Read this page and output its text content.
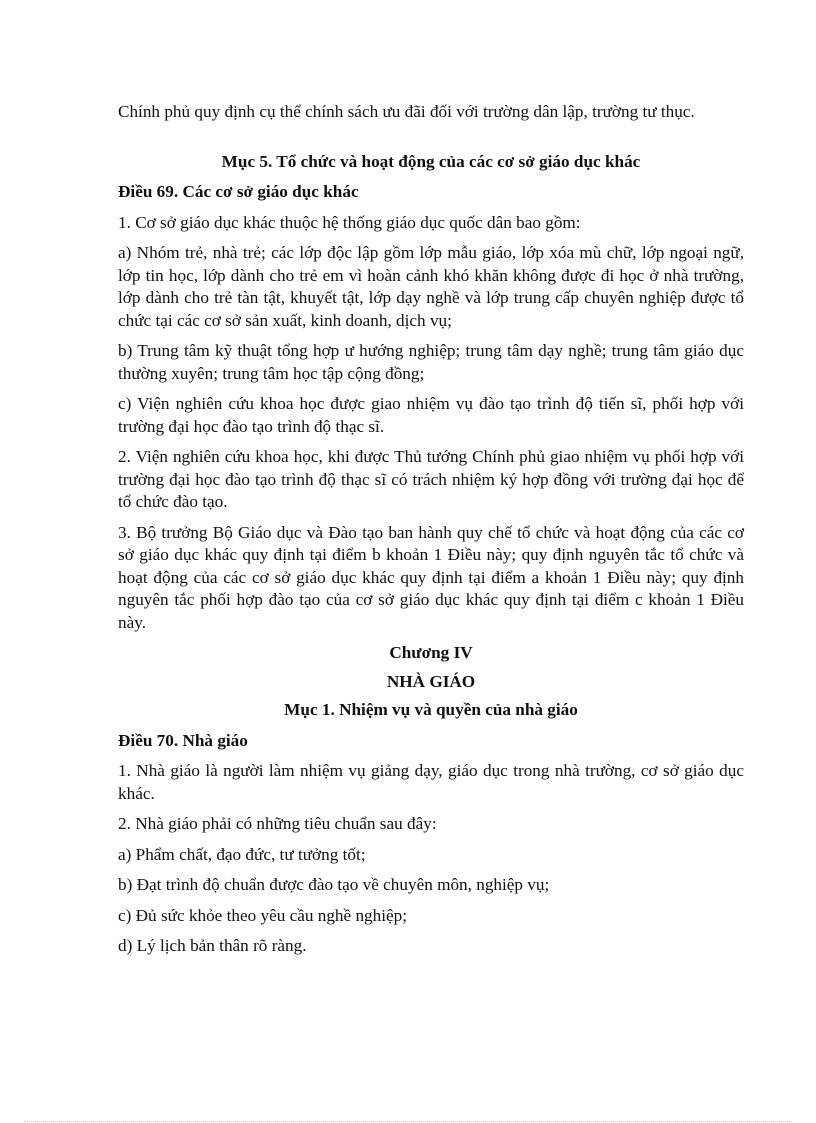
Chính phủ quy định cụ thể chính sách ưu đãi đối với trường dân lập, trường tư thục.

Mục 5. Tổ chức và hoạt động của các cơ sở giáo dục khác

Điều 69. Các cơ sở giáo dục khác

1. Cơ sở giáo dục khác thuộc hệ thống giáo dục quốc dân bao gồm:

a) Nhóm trẻ, nhà trẻ; các lớp độc lập gồm lớp mẫu giáo, lớp xóa mù chữ, lớp ngoại ngữ, lớp tin học, lớp dành cho trẻ em vì hoàn cảnh khó khăn không được đi học ở nhà trường, lớp dành cho trẻ tàn tật, khuyết tật, lớp dạy nghề và lớp trung cấp chuyên nghiệp được tổ chức tại các cơ sở sản xuất, kinh doanh, dịch vụ;

b) Trung tâm kỹ thuật tổng hợp ư hướng nghiệp; trung tâm dạy nghề; trung tâm giáo dục thường xuyên; trung tâm học tập cộng đồng;

c) Viện nghiên cứu khoa học được giao nhiệm vụ đào tạo trình độ tiến sĩ, phối hợp với trường đại học đào tạo trình độ thạc sĩ.

2. Viện nghiên cứu khoa học, khi được Thủ tướng Chính phủ giao nhiệm vụ phối hợp với trường đại học đào tạo trình độ thạc sĩ có trách nhiệm ký hợp đồng với trường đại học để tổ chức đào tạo.

3. Bộ trưởng Bộ Giáo dục và Đào tạo ban hành quy chế tổ chức và hoạt động của các cơ sở giáo dục khác quy định tại điểm b khoản 1 Điều này; quy định nguyên tắc tổ chức và hoạt động của các cơ sở giáo dục khác quy định tại điểm a khoản 1 Điều này; quy định nguyên tắc phối hợp đào tạo của cơ sở giáo dục khác quy định tại điểm c khoản 1 Điều này.

Chương IV

NHÀ GIÁO

Mục 1. Nhiệm vụ và quyền của nhà giáo

Điều 70. Nhà giáo

1. Nhà giáo là người làm nhiệm vụ giảng dạy, giáo dục trong nhà trường, cơ sở giáo dục khác.

2. Nhà giáo phải có những tiêu chuẩn sau đây:

a) Phẩm chất, đạo đức, tư tưởng tốt;

b) Đạt trình độ chuẩn được đào tạo về chuyên môn, nghiệp vụ;

c) Đủ sức khỏe theo yêu cầu nghề nghiệp;

d) Lý lịch bản thân rõ ràng.
